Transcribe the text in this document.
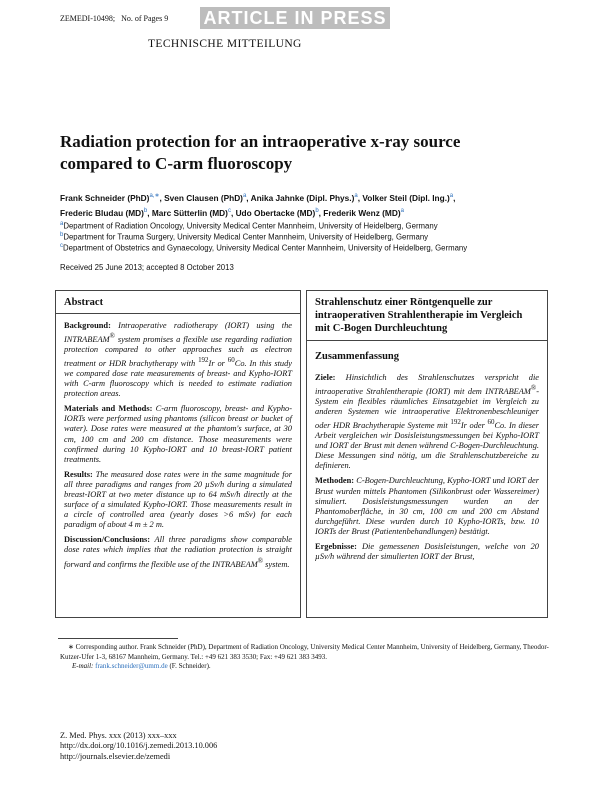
ZEMEDI-10498; No. of Pages 9 ARTICLE IN PRESS
TECHNISCHE MITTEILUNG
Radiation protection for an intraoperative x-ray source compared to C-arm fluoroscopy
Frank Schneider (PhD)$^{a,∗}$, Sven Clausen (PhD)$^a$, Anika Jahnke (Dipl. Phys.)$^a$, Volker Steil (Dipl. Ing.)$^a$,
Frederic Bludau (MD)$^b$, Marc Sütterlin (MD)$^c$, Udo Obertacke (MD)$^b$, Frederik Wenz (MD)$^a$
$^a$Department of Radiation Oncology, University Medical Center Mannheim, University of Heidelberg, Germany
$^b$Department for Trauma Surgery, University Medical Center Mannheim, University of Heidelberg, Germany
$^c$Department of Obstetrics and Gynaecology, University Medical Center Mannheim, University of Heidelberg, Germany
Received 25 June 2013; accepted 8 October 2013
Abstract

Background: Intraoperative radiotherapy (IORT) using the INTRABEAM® system promises a flexible use regarding radiation protection compared to other approaches such as electron treatment or HDR brachytherapy with $^{192}$Ir or $^{60}$Co. In this study we compared dose rate measurements of breast- and Kypho-IORT with C-arm fluoroscopy which is needed to estimate radiation protection areas.

Materials and Methods: C-arm fluoroscopy, breast- and Kypho-IORTs were performed using phantoms (silicon breast or bucket of water). Dose rates were measured at the phantom's surface, at 30 cm, 100 cm and 200 cm distance. Those measurements were confirmed during 10 Kypho-IORT and 10 breast-IORT patient treatments.

Results: The measured dose rates were in the same magnitude for all three paradigms and ranges from 20 µSv/h during a simulated breast-IORT at two meter distance up to 64 mSv/h directly at the surface of a simulated Kypho-IORT. Those measurements result in a circle of controlled area (yearly doses >6 mSv) for each paradigm of about 4 m ± 2 m.

Discussion/Conclusions: All three paradigms show comparable dose rates which implies that the radiation protection is straight forward and confirms the flexible use of the INTRABEAM® system.

Strahlenschutz einer Röntgenquelle zur intraoperativen Strahlentherapie im Vergleich mit C-Bogen Durchleuchtung
Zusammenfassung

Ziele: Hinsichtlich des Strahlenschutzes verspricht die intraoperative Strahlentherapie (IORT) mit dem INTRABEAM®-System ein flexibles räumliches Einsatzgebiet im Vergleich zu anderen Systemen wie intraoperative Elektronenbeschleuniger oder HDR Brachytherapie Systeme mit $^{192}$Ir oder $^{60}$Co. In dieser Arbeit vergleichen wir Dosisleistungsmessungen bei Kypho-IORT und IORT der Brust mit denen während C-Bogen-Durchleuchtung. Diese Messungen sind nötig, um die Strahlenschutzbereiche zu definieren.

Methoden: C-Bogen-Durchleuchtung, Kypho-IORT und IORT der Brust wurden mittels Phantomen (Silikonbrust oder Wassereimer) simuliert. Dosisleistungsmessungen wurden an der Phantomoberfläche, in 30 cm, 100 cm und 200 cm Abstand durchgeführt. Diese wurden durch 10 Kypho-IORTs, bzw. 10 IORTs der Brust (Patientenbehandlungen) bestätigt.

Ergebnisse: Die gemessenen Dosisleistungen, welche von 20 µSv/h während der simulierten IORT der Brust,

∗ Corresponding author. Frank Schneider (PhD), Department of Radiation Oncology, University Medical Center Mannheim, University of Heidelberg, Germany, Theodor-Kutzer-Ufer 1-3, 68167 Mannheim, Germany. Tel.: +49 621 383 3530; Fax: +49 621 383 3493.
E-mail: frank.schneider@umm.de (F. Schneider).
Z. Med. Phys. xxx (2013) xxx–xxx
http://dx.doi.org/10.1016/j.zemedi.2013.10.006
http://journals.elsevier.de/zemedi
